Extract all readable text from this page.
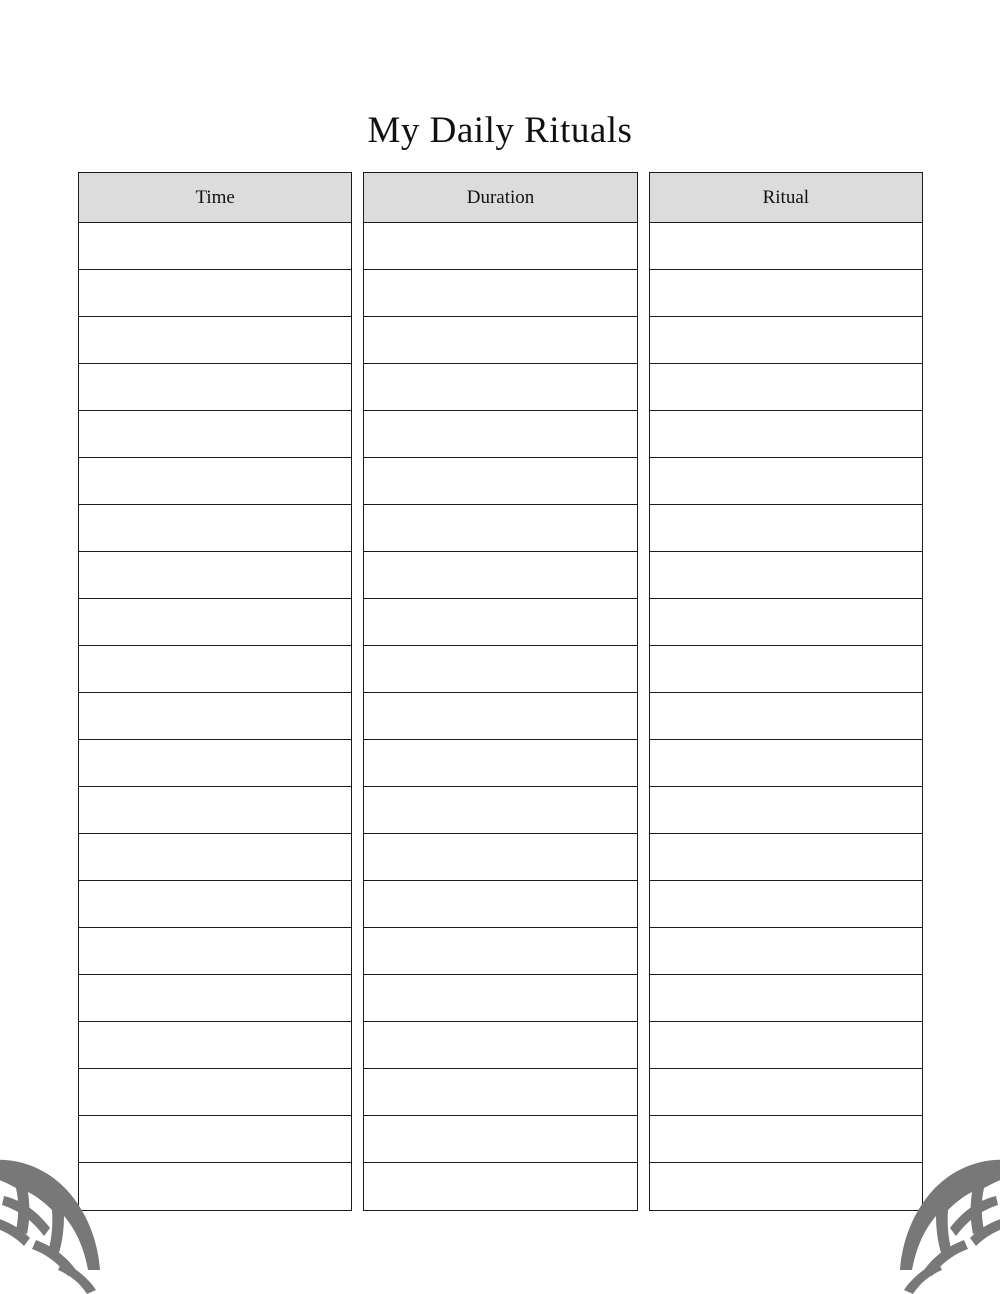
My Daily Rituals
Time	Duration	Ritual
